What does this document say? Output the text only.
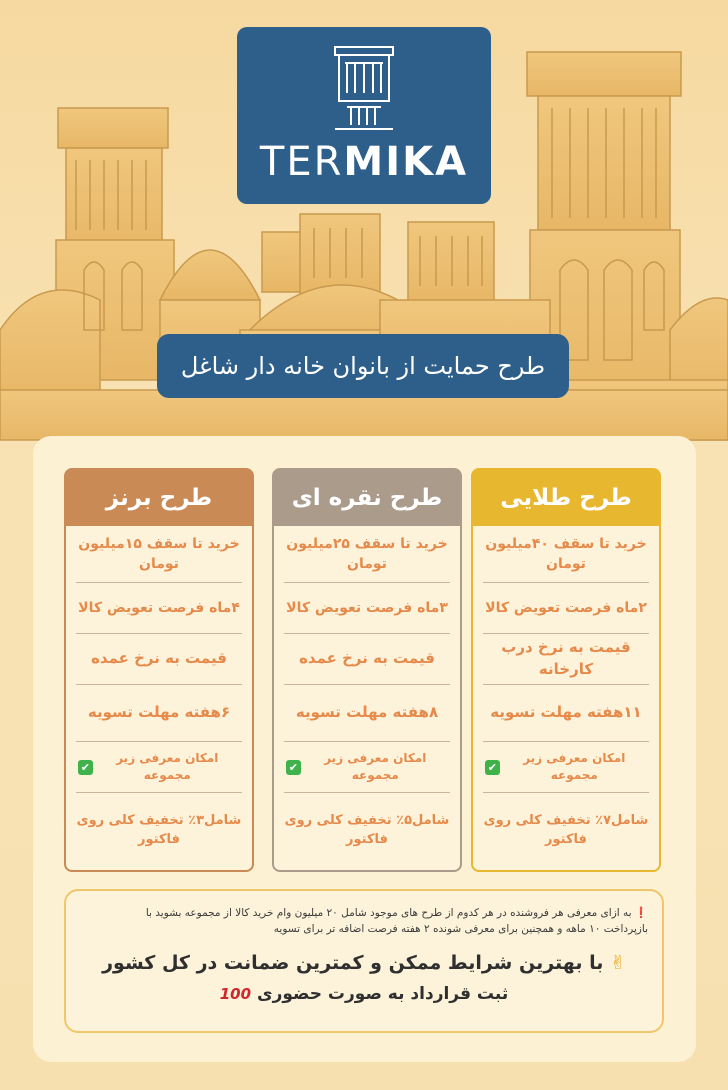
TERMIKA
طرح حمایت از بانوان خانه دار شاغل
طرح طلایی
خرید تا سقف ۴۰میلیون تومان
۲ماه فرصت تعویض کالا
قیمت به نرخ درب کارخانه
۱۱هفته مهلت تسویه
امکان معرفی زیر مجموعه
✔
شامل۷٪ تخفیف کلی روی فاکتور
طرح نقره ای
خرید تا سقف ۲۵میلیون تومان
۳ماه فرصت تعویض کالا
قیمت به نرخ عمده
۸هفته مهلت تسویه
امکان معرفی زیر مجموعه
✔
شامل۵٪ تخفیف کلی روی فاکتور
طرح برنز
خرید تا سقف ۱۵میلیون تومان
۴ماه فرصت تعویض کالا
قیمت به نرخ عمده
۶هفته مهلت تسویه
امکان معرفی زیر مجموعه
✔
شامل۳٪ تخفیف کلی روی فاکتور
❗ به ازای معرفی هر فروشنده در هر کدوم از طرح های موجود شامل ۲۰ میلیون وام خرید کالا از مجموعه بشوید با
بازپرداخت ۱۰ ماهه و همچنین برای معرفی شونده ۲ هفته فرصت اضافه تر برای تسویه
✌ با بهترین شرایط ممکن و کمترین ضمانت در کل کشور
ثبت قرارداد به صورت حضوری 100
